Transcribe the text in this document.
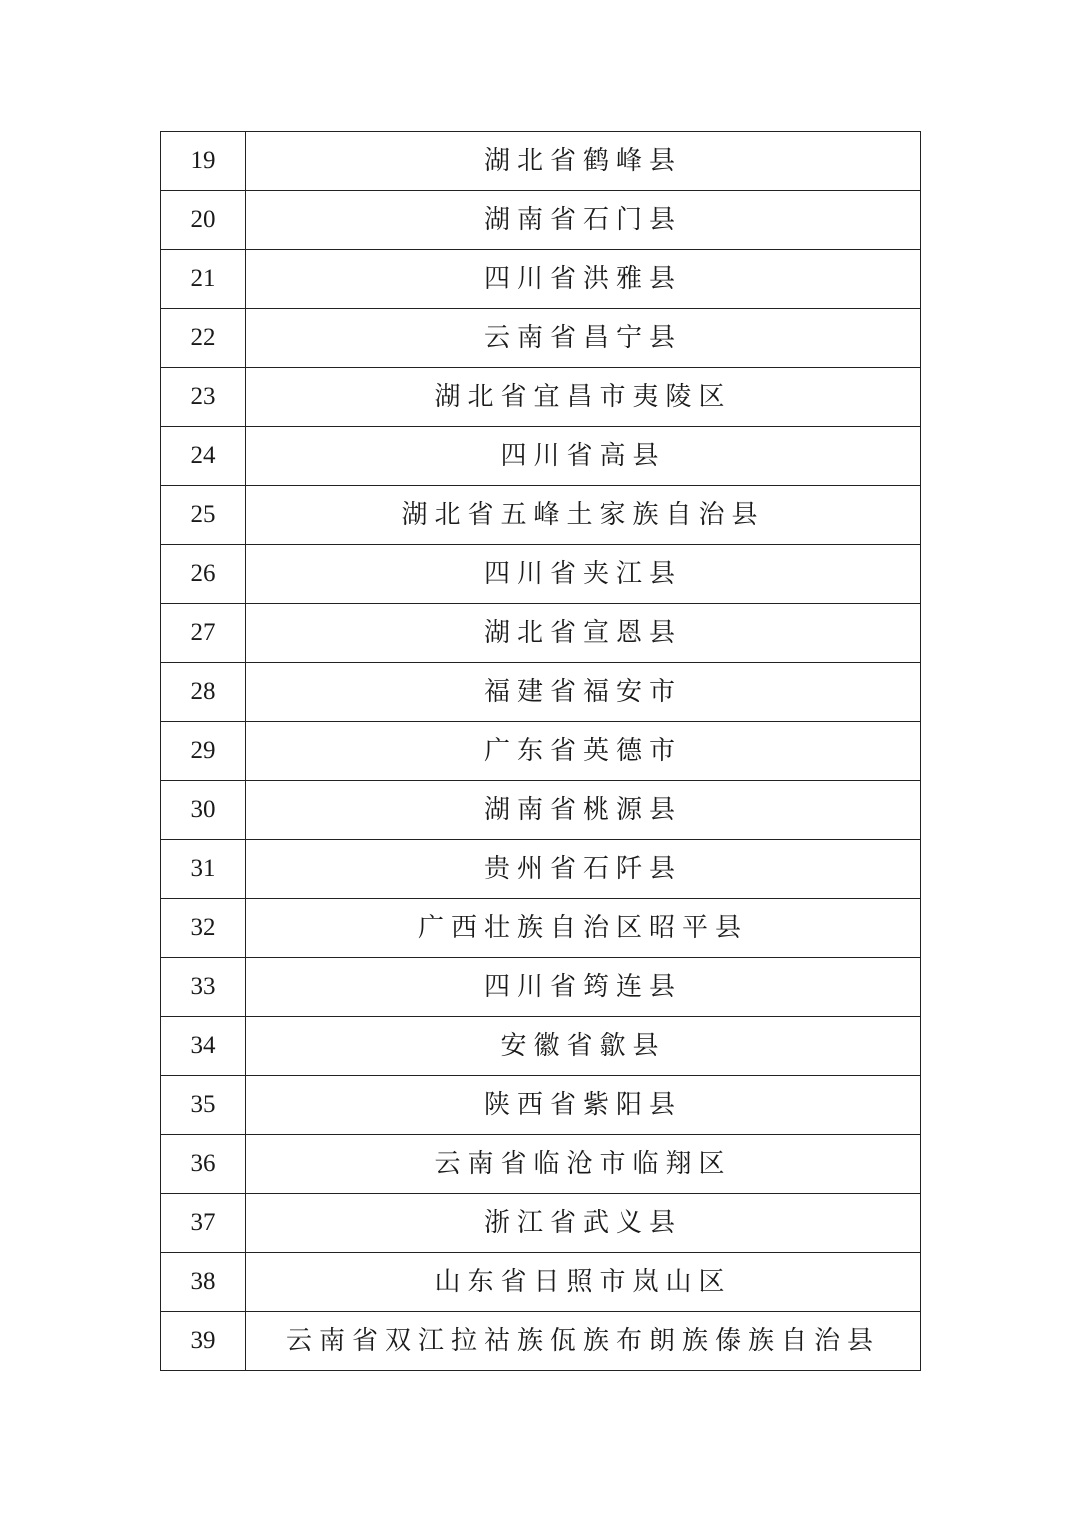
19	湖北省鹤峰县
20	湖南省石门县
21	四川省洪雅县
22	云南省昌宁县
23	湖北省宜昌市夷陵区
24	四川省高县
25	湖北省五峰土家族自治县
26	四川省夹江县
27	湖北省宣恩县
28	福建省福安市
29	广东省英德市
30	湖南省桃源县
31	贵州省石阡县
32	广西壮族自治区昭平县
33	四川省筠连县
34	安徽省歙县
35	陕西省紫阳县
36	云南省临沧市临翔区
37	浙江省武义县
38	山东省日照市岚山区
39	云南省双江拉祜族佤族布朗族傣族自治县
